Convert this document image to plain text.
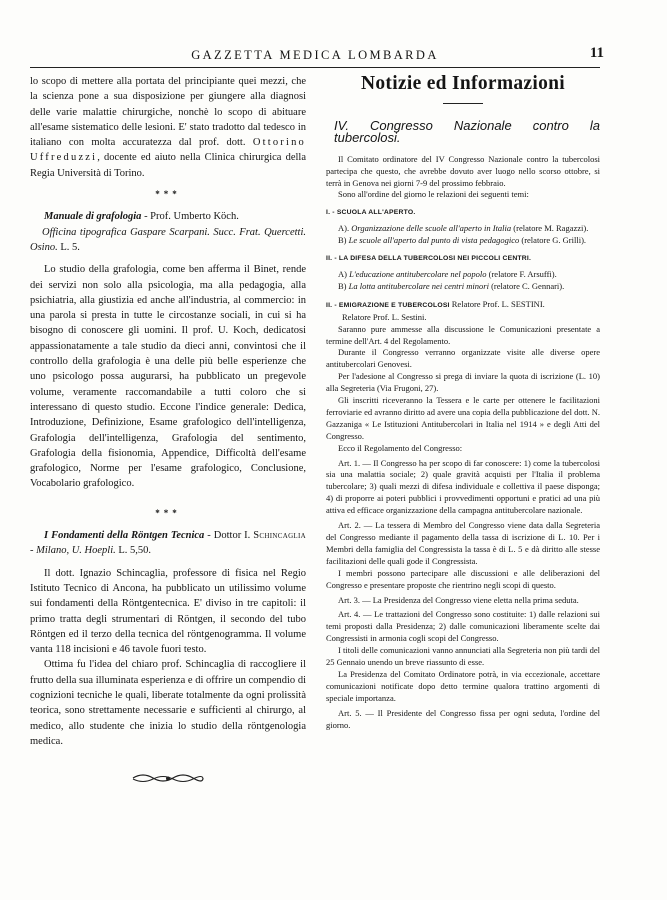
GAZZETTA MEDICA LOMBARDA	11

lo scopo di mettere alla portata del principiante quei mezzi, che la scienza pone a sua disposizione per giungere alla diagnosi delle varie malattie chirurgiche, nonchè lo scopo di abituare all'esame sistematico delle lesioni. E' stato tradotto dal tedesco in italiano con molta accuratezza dal prof. dott. Ottorino Uffreduzzi, docente ed aiuto nella Clinica chirurgica della Regia Università di Torino.

***

Manuale di grafologia - Prof. Umberto Köch.
Officina tipografica Gaspare Scarpani. Succ. Frat. Quercetti. Osino. L. 5.

Lo studio della grafologia, come ben afferma il Binet, rende dei servizi non solo alla psicologia, ma alla pedagogia, alla psichiatria, alla giustizia ed anche all'industria, al commercio: in una parola si presta in tutte le circostanze sociali, in cui si ha bisogno di conoscere gli uomini. Il prof. U. Koch, dedicatosi appassionatamente a tale studio da dieci anni, convintosi che il controllo della grafologia è una delle più belle esperienze che uno psicologo possa augurarsi, ha pubblicato un pregevole volume, veramente raccomandabile a tutti coloro che si interessano di questo studio. Eccone l'indice generale: Dedica, Introduzione, Definizione, Esame grafologico dell'intelligenza, Grafologia dell'intelligenza, Grafologia del sentimento, Grafologia della fisionomia, Appendice, Difficoltà dell'esame grafologico, Norme per l'esame grafologico, Conclusione, Vocabolario grafologico.

***

I Fondamenti della Röntgen Tecnica - Dottor I. Schincaglia - Milano, U. Hoepli. L. 5,50.

Il dott. Ignazio Schincaglia, professore di fisica nel Regio Istituto Tecnico di Ancona, ha pubblicato un utilissimo volume sui fondamenti della Röntgentecnica. E' diviso in tre capitoli: il primo tratta degli strumentari di Röntgen, il secondo del tubo Röntgen ed il terzo della tecnica del röntgenogramma. Il volume vanta 118 incisioni e 46 tavole fuori testo.

Ottima fu l'idea del chiaro prof. Schincaglia di raccogliere il frutto della sua illuminata esperienza e di offrire un compendio di cognizioni tecniche le quali, liberate totalmente da ogni prolissità teorica, sono strettamente necessarie e sufficienti al chirurgo, al medico, allo studente che inizia lo studio della röntgenologia medica.

Notizie ed Informazioni
IV. Congresso Nazionale contro la tubercolosi.

Il Comitato ordinatore del IV Congresso Nazionale contro la tubercolosi partecipa che questo, che avrebbe dovuto aver luogo nello scorso ottobre, si terrà in Genova nei giorni 7-9 del prossimo febbraio.

Sono all'ordine del giorno le relazioni dei seguenti temi:

I. - SCUOLA ALL'APERTO.

A). Organizzazione delle scuole all'aperto in Italia (relatore M. Ragazzi).

B) Le scuole all'aperto dal punto di vista pedagogico (relatore G. Grilli).

II. - LA DIFESA DELLA TUBERCOLOSI NEI PICCOLI CENTRI.

A) L'educazione antitubercolare nel popolo (relatore F. Arsuffi).

B) La lotta antitubercolare nei centri minori (relatore C. Gennari).

II. - EMIGRAZIONE E TUBERCOLOSI Relatore Prof. L. SESTINI.

Relatore Prof. L. Sestini.

Saranno pure ammesse alla discussione le Comunicazioni presentate a termine dell'Art. 4 del Regolamento.

Durante il Congresso verranno organizzate visite alle diverse opere antitubercolari Genovesi.

Per l'adesione al Congresso si prega di inviare la quota di iscrizione (L. 10) alla Segreteria (Via Frugoni, 27).

Gli inscritti riceveranno la Tessera e le carte per ottenere le facilitazioni ferroviarie ed avranno diritto ad avere una copia della pubblicazione del dott. N. Gazzaniga « Le Istituzioni Antitubercolari in Italia nel 1914 » e degli Atti del Congresso.

Ecco il Regolamento del Congresso:

Art. 1. — Il Congresso ha per scopo di far conoscere: 1) come la tubercolosi sia una malattia sociale; 2) quale gravità acquisti per l'Italia il problema tubercolare; 3) quali mezzi di difesa individuale e collettiva il paese disponga; 4) di proporre ai poteri pubblici i provvedimenti opportuni e pratici ad una più attiva ed efficace organizzazione della campagna antitubercolare nazionale.

Art. 2. — La tessera di Membro del Congresso viene data dalla Segreteria del Congresso mediante il pagamento della tassa di iscrizione di L. 10. Per i Membri della famiglia del Congressista la tassa è di L. 5 e dà diritto alle stesse facilitazioni delle quali gode il Congressista.

I membri possono partecipare alle discussioni e alle deliberazioni del Congresso e presentare proposte che rientrino negli scopi di questo.

Art. 3. — La Presidenza del Congresso viene eletta nella prima seduta.

Art. 4. — Le trattazioni del Congresso sono costituite: 1) dalle relazioni sui temi proposti dalla Presidenza; 2) dalle comunicazioni liberamente scelte dai Congressisti in armonia cogli scopi del Congresso.

I titoli delle comunicazioni vanno annunciati alla Segreteria non più tardi del 25 Gennaio unendo un breve riassunto di esse.

La Presidenza del Comitato Ordinatore potrà, in via eccezionale, accettare comunicazioni notificate dopo detto termine qualora trattino argomenti di speciale importanza.

Art. 5. — Il Presidente del Congresso fissa per ogni seduta, l'ordine del giorno.
